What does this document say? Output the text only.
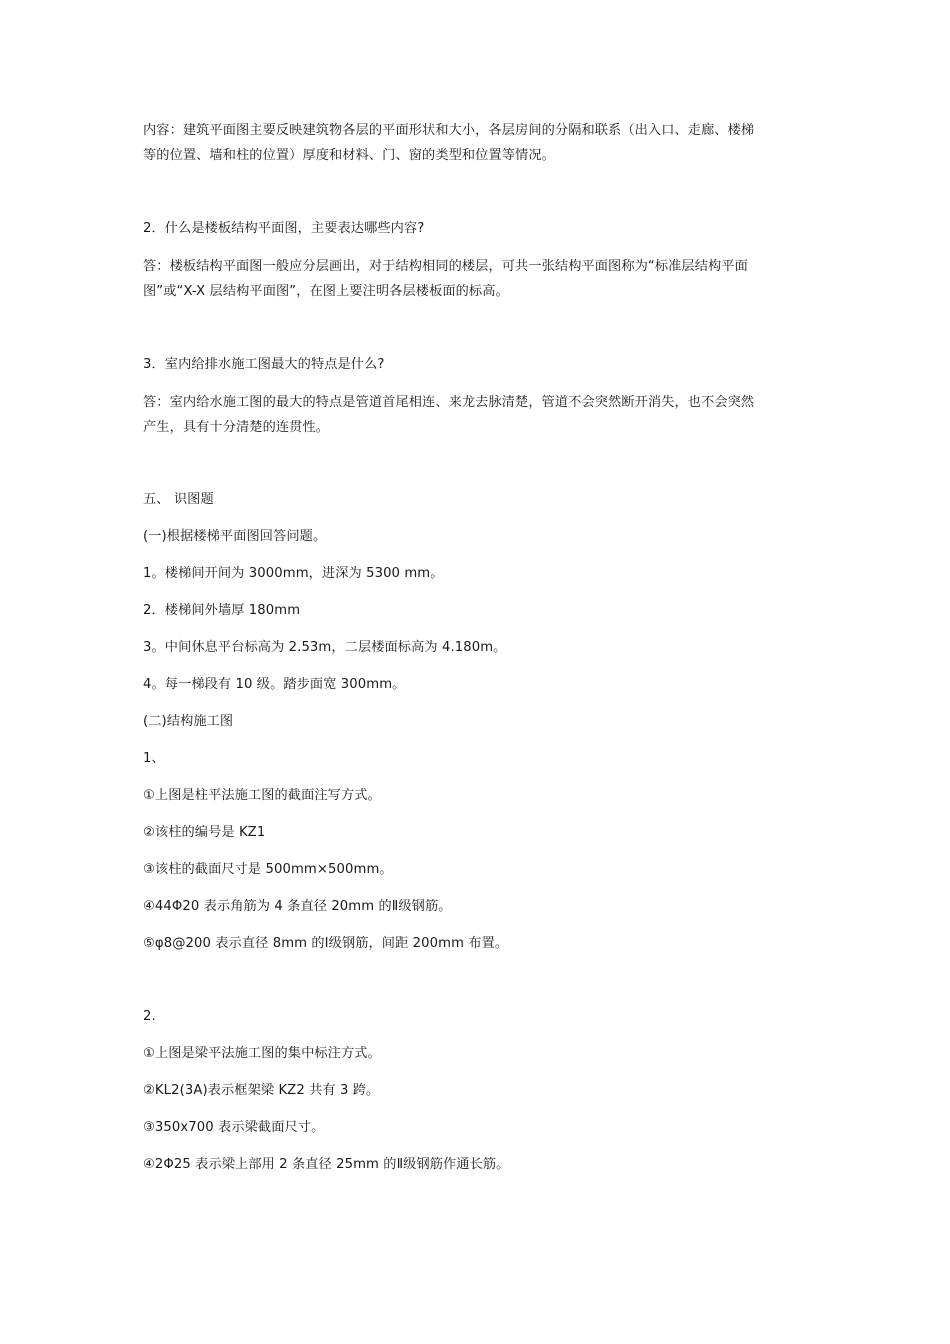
内容：建筑平面图主要反映建筑物各层的平面形状和大小，各层房间的分隔和联系（出入口、走廊、楼梯
等的位置、墙和柱的位置）厚度和材料、门、窗的类型和位置等情况。
2．什么是楼板结构平面图，主要表达哪些内容?
答：楼板结构平面图一般应分层画出，对于结构相同的楼层，可共一张结构平面图称为“标准层结构平面
图”或“X-X 层结构平面图”，在图上要注明各层楼板面的标高。
3．室内给排水施工图最大的特点是什么?
答：室内给水施工图的最大的特点是管道首尾相连、来龙去脉清楚，管道不会突然断开消失，也不会突然
产生，具有十分清楚的连贯性。
五、 识图题
(一)根据楼梯平面图回答问题。
1。楼梯间开间为 3000mm，进深为 5300 mm。
2．楼梯间外墙厚 180mm
3。中间休息平台标高为 2.53m，二层楼面标高为 4.180m。
4。每一梯段有 10 级。踏步面宽 300mm。
(二)结构施工图
1、
①上图是柱平法施工图的截面注写方式。
②该柱的编号是 KZ1
③该柱的截面尺寸是 500mm×500mm。
④44Φ20 表示角筋为 4 条直径 20mm 的Ⅱ级钢筋。
⑤φ8@200 表示直径 8mm 的Ⅰ级钢筋，间距 200mm 布置。
2.
①上图是梁平法施工图的集中标注方式。
②KL2(3A)表示框架梁 KZ2 共有 3 跨。
③350x700 表示梁截面尺寸。
④2Φ25 表示梁上部用 2 条直径 25mm 的Ⅱ级钢筋作通长筋。
